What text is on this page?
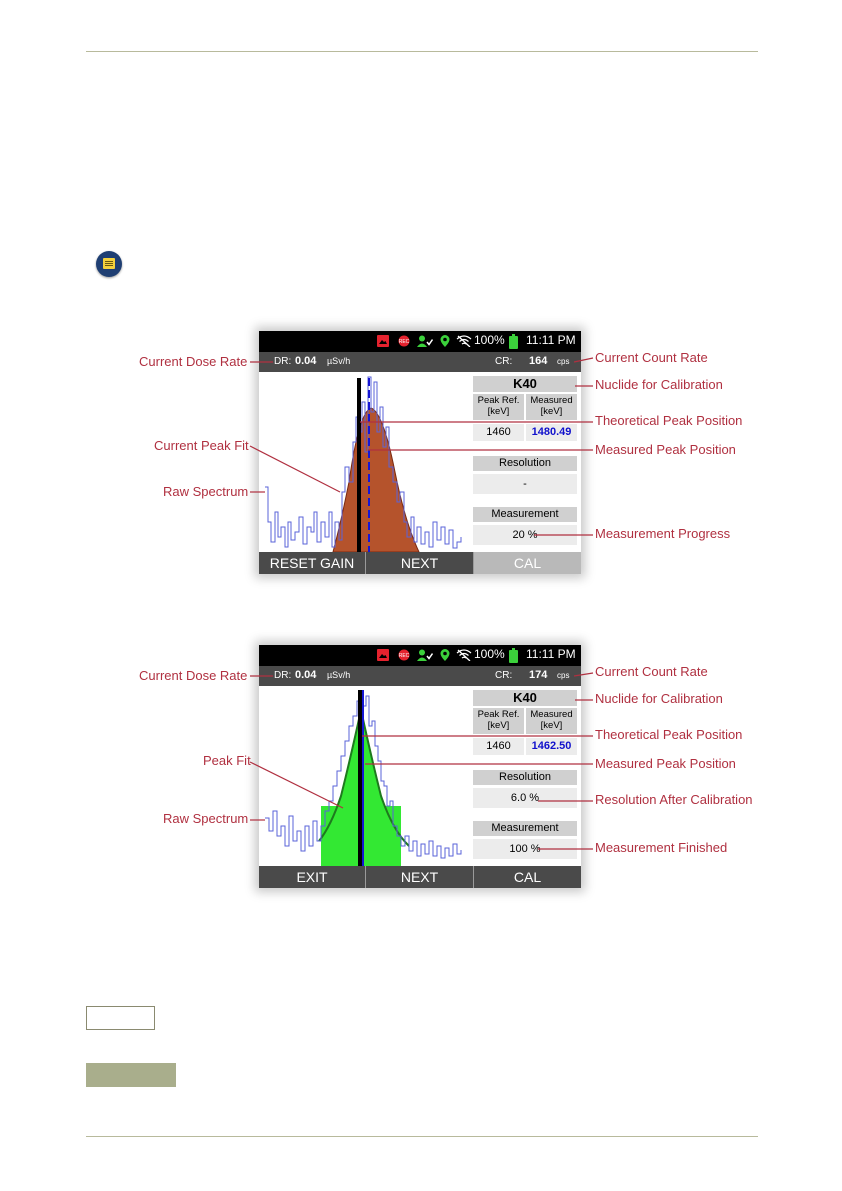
REC	100% 11:11 PM
DR: 0.04 µSv/h	CR: 164 cps
K40
Peak Ref.
[keV]
Measured
[keV]
1460	1480.49
Resolution
-
Measurement
20 %
RESET GAIN	NEXT	CAL
REC	100% 11:11 PM
DR: 0.04 µSv/h	CR: 174 cps
K40
Peak Ref.
[keV]
Measured
[keV]
1460	1462.50
Resolution
6.0 %
Measurement
100 %
EXIT	NEXT	CAL
Current Dose Rate
Current Peak Fit
Raw Spectrum
Current Count Rate
Nuclide for Calibration
Theoretical Peak Position
Measured Peak Position
Measurement Progress
Current Dose Rate
Peak Fit
Raw Spectrum
Current Count Rate
Nuclide for Calibration
Theoretical Peak Position
Measured Peak Position
Resolution After Calibration
Measurement Finished
